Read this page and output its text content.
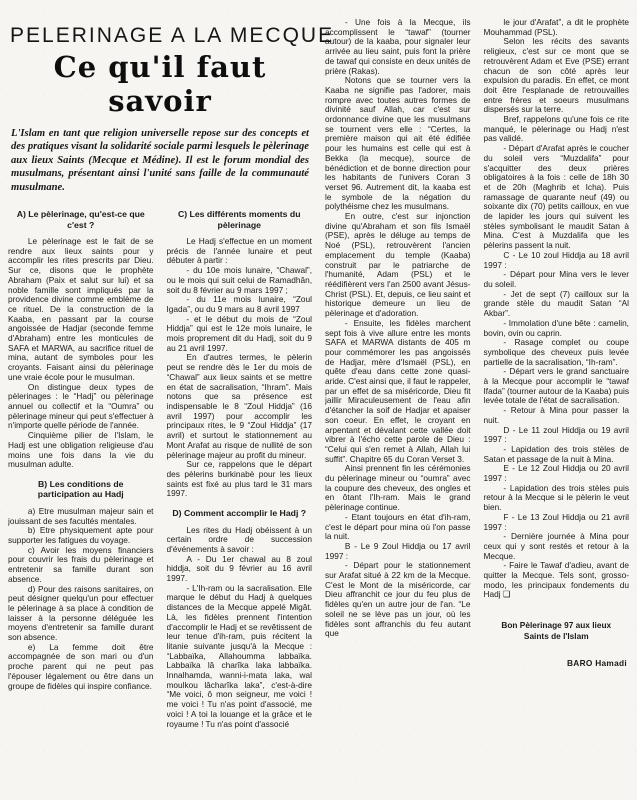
PELERINAGE A LA MECQUE
Ce qu'il faut savoir

L'Islam en tant que religion universelle repose sur des concepts et des pratiques visant la solidarité sociale parmi lesquels le pèlerinage aux lieux Saints (Mecque et Médine). Il est le forum mondial des musulmans, présentant ainsi l'unité sans faille de la communauté musulmane.

A) Le pèlerinage, qu'est-ce que c'est ?

Le pèlerinage est le fait de se rendre aux lieux saints pour y accomplir les rites prescrits par Dieu. Sur ce, disons que le prophète Abraham (Paix et salut sur lui) et sa noble famille sont impliqués par la providence divine comme emblème de ce rituel. De la construction de la Kaaba, en passant par la course angoissée de Hadjar (seconde femme d'Abraham) entre les monticules de SAFA et MARWA, au sacrifice rituel de mina, autant de symboles pour les croyants. Faisant ainsi du pèlerinage une vraie école pour le musulman.

On distingue deux types de pèlerinages : le “Hadj” ou pèlerinage annuel ou collectif et la “Oumra” ou pèlerinage mineur qui peut s'effectuer à n'importe quelle période de l'année.

Cinquième pilier de l'Islam, le Hadj est une obligation religieuse d'au moins une fois dans la vie du musulman adulte.

B) Les conditions de participation au Hadj

a) Etre musulman majeur sain et jouissant de ses facultés mentales.

b) Etre physiquement apte pour supporter les fatigues du voyage.

c) Avoir les moyens financiers pour couvrir les frais du pèlerinage et entretenir sa famille durant son absence.

d) Pour des raisons sanitaires, on peut désigner quelqu'un pour effectuer le pèlerinage à sa place à condition de laisser à la personne déléguée les moyens d'entretenir sa famille durant son absence.

e) La femme doit être accompagnée de son mari ou d'un proche parent qui ne peut pas l'épouser légalement ou être dans un groupe de fidèles qui inspire confiance.

C) Les différents moments du pèlerinage

Le Hadj s'effectue en un moment précis de l'année lunaire et peut débuter à partir :

- du 10e mois lunaire, “Chawal”, ou le mois qui suit celui de Ramadhân, soit du 8 février au 9 mars 1997 ;

- du 11e mois lunaire, “Zoul Igada”, ou du 9 mars au 8 avril 1997

- et le début du mois de “Zoul Hiddja” qui est le 12e mois lunaire, le mois proprement dit du Hadj, soit du 9 au 21 avril 1997.

En d'autres termes, le pèlerin peut se rendre dès le 1er du mois de “Chawal” aux lieux saints et se mettre en état de sacralisation, “Ihram”. Mais notons que sa présence est indispensable le 8 “Zoul Hiddja” (16 avril 1997) pour accomplir les principaux rites, le 9 “Zoul Hiddja” (17 avril) et surtout le stationnement au Mont Arafat au risque de nullité de son pèlerinage majeur au profit du mineur.

Sur ce, rappelons que le départ des pèlerins burkinabè pour les lieux saints est fixé au plus tard le 31 mars 1997.

D) Comment accomplir le Hadj ?

Les rites du Hadj obéissent à un certain ordre de succession d'événements à savoir :

A - Du 1er chawal au 8 zoul hiddja, soit du 9 février au 16 avril 1997.

- L'Ih-ram ou la sacralisation. Elle marque le début du Hadj à quelques distances de la Mecque appelé Migât. Là, les fidèles prennent l'intention d'accomplir le Hadj et se revêtissent de leur tenue d'ih-ram, puis récitent la litanie suivante jusqu'à la Mecque : “Labbaïka, Allahoumma labbaïka. Labbaïka lâ charîka laka labbaïka. Innalhamda, wanni-i-mata laka, wal moulkou lâcharîka laka”, c'est-à-dire “Me voici, ô mon seigneur, me voici ! me voici ! Tu n'as point d'associé, me voici ! A toi la louange et la grâce et le royaume ! Tu n'as point d'associé

- Une fois à la Mecque, ils accomplissent le “tawaf” (tourner autour) de la kaaba, pour signaler leur arrivée au lieu saint, puis font la prière de tawaf qui consiste en deux unités de prière (Rakas).

Notons que se tourner vers la Kaaba ne signifie pas l'adorer, mais rompre avec toutes autres formes de divinité sauf Allah, car c'est sur ordonnance divine que les musulmans se tournent vers elle : “Certes, la première maison qui ait été édifiée pour les humains est celle qui est à Bekka (la mecque), source de bénédiction et de bonne direction pour les habitants de l'univers Coran 3 verset 96. Autrement dit, la kaaba est le symbole de la négation du polythéisme chez les musulmans.

En outre, c'est sur injonction divine qu'Abraham et son fils Ismaël (PSE), après le déluge au temps de Noé (PSL), retrouvèrent l'ancien emplacement du temple (Kaaba) construit par le patriarche de l'humanité, Adam (PSL) et le réédifièrent vers l'an 2500 avant Jésus-Christ (PSL). Et, depuis, ce lieu saint et historique demeure un lieu de pèlerinage et d'adoration.

- Ensuite, les fidèles marchent sept fois à vive allure entre les monts SAFA et MARWA distants de 405 m pour commémorer les pas angoissés de Hadjar, mère d'Ismaël (PSL), en quête d'eau dans cette zone quasi-aride. C'est ainsi que, il faut le rappeler, par un effet de sa miséricorde, Dieu fit jaillir Miraculeusement de l'eau afin d'étancher la soif de Hadjar et apaiser son coeur. En effet, le croyant en arpentant et dévalant cette vallée doit vibrer à l'écho cette parole de Dieu : “Celui qui s'en remet à Allah, Allah lui suffit”. Chapitre 65 du Coran Verset 3.

Ainsi prennent fin les cérémonies du pèlerinage mineur ou “oumra” avec la coupure des cheveux, des ongles et en ôtant l'Ih-ram. Mais le grand pèlerinage continue.

- Etant toujours en état d'ih-ram, c'est le départ pour mina où l'on passe la nuit.

B - Le 9 Zoul Hiddja ou 17 avril 1997 :

- Départ pour le stationnement sur Arafat situé à 22 km de la Mecque. C'est le Mont de la miséricorde, car Dieu affranchit ce jour du feu plus de fidèles qu'en un autre jour de l'an. “Le soleil ne se lève pas un jour, où les fidèles sont affranchis du feu autant que

le jour d'Arafat”, a dit le prophète Mouhammad (PSL).

Selon les récits des savants religieux, c'est sur ce mont que se retrouvèrent Adam et Eve (PSE) errant chacun de son côté après leur expulsion du paradis. En effet, ce mont doit être l'esplanade de retrouvailles entre frères et soeurs musulmans dispersés sur la terre.

Bref, rappelons qu'une fois ce rite manqué, le pèlerinage ou Hadj n'est pas validé.

- Départ d'Arafat après le coucher du soleil vers “Muzdalifa” pour s'acquitter des deux prières obligatoires à la fois : celle de 18h 30 et de 20h (Maghrib et Icha). Puis ramassage de quarante neuf (49) ou soixante dix (70) petits cailloux, en vue de lapider les jours qui suivent les stèles symbolisant le maudit Satan à Mina. C'est à Muzdalifa que les pèlerins passent la nuit.

C - Le 10 zoul Hiddja au 18 avril 1997 :

- Départ pour Mina vers le lever du soleil.

- Jet de sept (7) cailloux sur la grande stèle du maudit Satan “Al Akbar”.

- Immolation d'une bête : camelin, bovin, ovin ou caprin.

- Rasage complet ou coupe symbolique des cheveux puis levée partielle de la sacralisation, “Ih-ram”.

- Départ vers le grand sanctuaire à la Mecque pour accomplir le “tawaf Ifada” (tourner autour de la Kaaba) puis levée totale de l'état de sacralisation.

- Retour à Mina pour passer la nuit.

D - Le 11 zoul Hiddja ou 19 avril 1997 :

- Lapidation des trois stèles de Satan et passage de la nuit à Mina.

E - Le 12 Zoul Hiddja ou 20 avril 1997 :

- Lapidation des trois stèles puis retour à la Mecque si le pèlerin le veut bien.

F - Le 13 Zoul Hiddja ou 21 avril 1997 :

- Dernière journée à Mina pour ceux qui y sont restés et retour à la Mecque.

- Faire le Tawaf d'adieu, avant de quitter la Mecque. Tels sont, grosso-modo, les principaux fondements du Hadj ❑

Bon Pèlerinage 97 aux lieux Saints de l'Islam

BARO Hamadi
